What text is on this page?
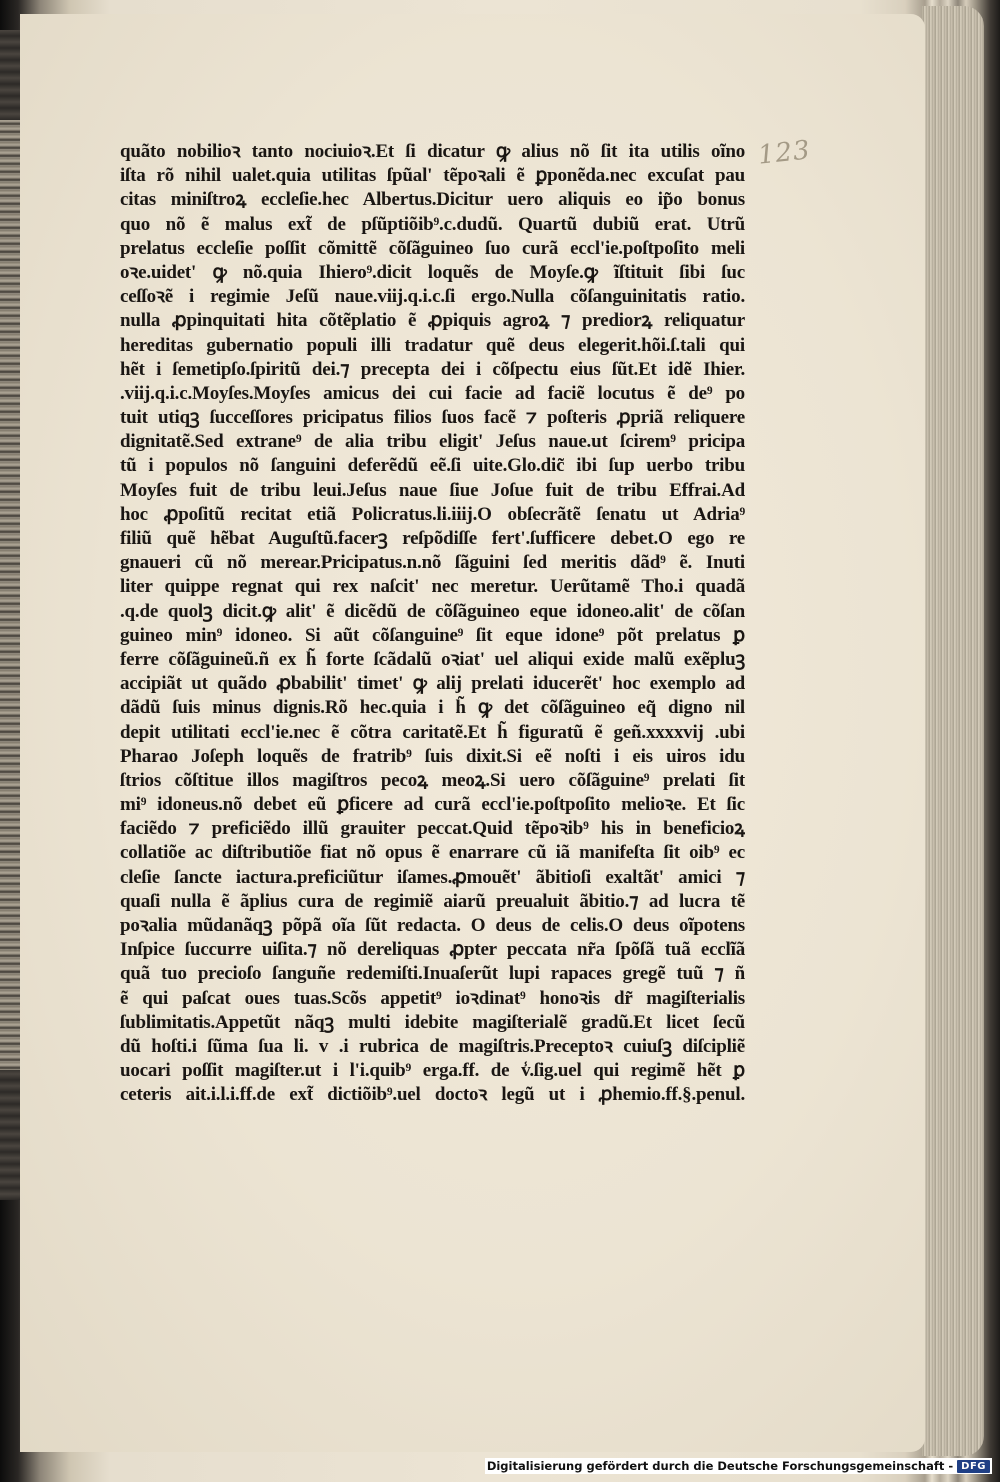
123
quãto nobilioꝛ tanto nociuioꝛ.Et ſi dicatur ꝙ alius nõ ſit ita utilis oĩno
iſta rõ nihil ualet.quia utilitas ſpũal' tẽpoꝛali ẽ ꝑponẽda.nec excuſat pau
citas miniſtroꝝ eccleſie.hec Albertus.Dicitur uero aliquis eo ip̃o bonus
quo nõ ẽ malus ext̃ de pſũptiõib⁹.c.dudũ. Quartũ dubiũ erat. Utrũ
prelatus eccleſie poſſit cõmittẽ cõſãguineo ſuo curã eccl'ie.poſtpoſito meli
oꝛe.uidet' ꝙ nõ.quia Ihiero⁹.dicit loquẽs de Moyſe.ꝙ ĩſtituit ſibi ſuc
ceſſoꝛẽ i regimie Jeſũ naue.viij.q.i.c.ſi ergo.Nulla cõſanguinitatis ratio.
nulla ꝓpinquitati hita cõtẽplatio ẽ ꝓpiquis agroꝝ ⁊ prediorꝝ reliquatur
hereditas gubernatio populi illi tradatur quẽ deus elegerit.hõi.ſ.tali qui
hẽt i ſemetipſo.ſpiritũ dei.⁊ precepta dei i cõſpectu eius ſũt.Et idẽ Ihier.
.viij.q.i.c.Moyſes.Moyſes amicus dei cui facie ad faciẽ locutus ẽ de⁹ po
tuit utiqꝫ ſucceſſores pricipatus filios ſuos facẽ ⁊ poſteris ꝓpriã reliquere
dignitatẽ.Sed extrane⁹ de alia tribu eligit' Jeſus naue.ut ſcirem⁹ pricipa
tũ i populos nõ ſanguini deferẽdũ eẽ.ſi uite.Glo.dic̃ ibi ſup uerbo tribu
Moyſes fuit de tribu leui.Jeſus naue ſiue Joſue fuit de tribu Effrai.Ad
hoc ꝓpoſitũ recitat etiã Policratus.li.iiij.O obſecrãtẽ ſenatu ut Adria⁹
filiũ quẽ hẽbat Auguſtũ.facerꝫ reſpõdiſſe fert'.ſufficere debet.O ego re
gnaueri cũ nõ merear.Pricipatus.n.nõ ſãguini ſed meritis dãd⁹ ẽ. Inuti
liter quippe regnat qui rex naſcit' nec meretur. Uerũtamẽ Tho.i quadã
.q.de quolꝫ dicit.ꝙ alit' ẽ dicẽdũ de cõſãguineo eque idoneo.alit' de cõſan
guineo min⁹ idoneo. Si aũt cõſanguine⁹ ſit eque idone⁹ põt prelatus ꝑ
ferre cõſãguineũ.ñ ex h̃ forte ſcãdalũ oꝛiat' uel aliqui exide malũ exẽpluꝫ
accipiãt ut quãdo ꝓbabilit' timet' ꝙ alij prelati iducerẽt' hoc exemplo ad
dãdũ ſuis minus dignis.Rõ hec.quia i h̃ ꝙ det cõſãguineo eq̃ digno nil
depit utilitati eccl'ie.nec ẽ cõtra caritatẽ.Et h̃ figuratũ ẽ geñ.xxxxvij .ubi
Pharao Joſeph loquẽs de fratrib⁹ ſuis dixit.Si eẽ noſti i eis uiros idu
ſtrios cõſtitue illos magiſtros pecoꝝ meoꝝ.Si uero cõſãguine⁹ prelati ſit
mi⁹ idoneus.nõ debet eũ ꝑficere ad curã eccl'ie.poſtpoſito melioꝛe. Et ſic
faciẽdo ⁊ preficiẽdo illũ grauiter peccat.Quid tẽpoꝛib⁹ his in beneficioꝝ
collatiõe ac diſtributiõe fiat nõ opus ẽ enarrare cũ iã manifeſta ſit oib⁹ ec
cleſie ſancte iactura.preficiũtur iſames.ꝓmouẽt' ãbitioſi exaltãt' amici ⁊
quaſi nulla ẽ ãplius cura de regimiẽ aiarũ preualuit ãbitio.⁊ ad lucra tẽ
poꝛalia mũdanãqꝫ põpã oĩa ſũt redacta. O deus de celis.O deus oĩpotens
Inſpice ſuccurre uiſita.⁊ nõ dereliquas ꝓpter peccata nr̃a ſpõſã tuã ecclĩã
quã tuo precioſo ſanguñe redemiſti.Inuaſerũt lupi rapaces gregẽ tuũ ⁊ ñ
ẽ qui paſcat oues tuas.Scõs appetit⁹ ioꝛdinat⁹ honoꝛis dr̃ magiſterialis
ſublimitatis.Appetũt nãqꝫ multi idebite magiſterialẽ gradũ.Et licet ſecũ
dũ hoſti.i ſũma ſua li. v .i rubrica de magiſtris.Preceptoꝛ cuiuſꝫ diſcipliẽ
uocari poſſit magiſter.ut i l'i.quib⁹ erga.ff. de v̾.ſig.uel qui regimẽ hẽt ꝑ
ceteris ait.i.l.i.ff.de ext̃ dictiõib⁹.uel doctoꝛ legũ ut i ꝓhemio.ff.§.penul.
Digitalisierung gefördert durch die Deutsche Forschungsgemeinschaft - DFG
